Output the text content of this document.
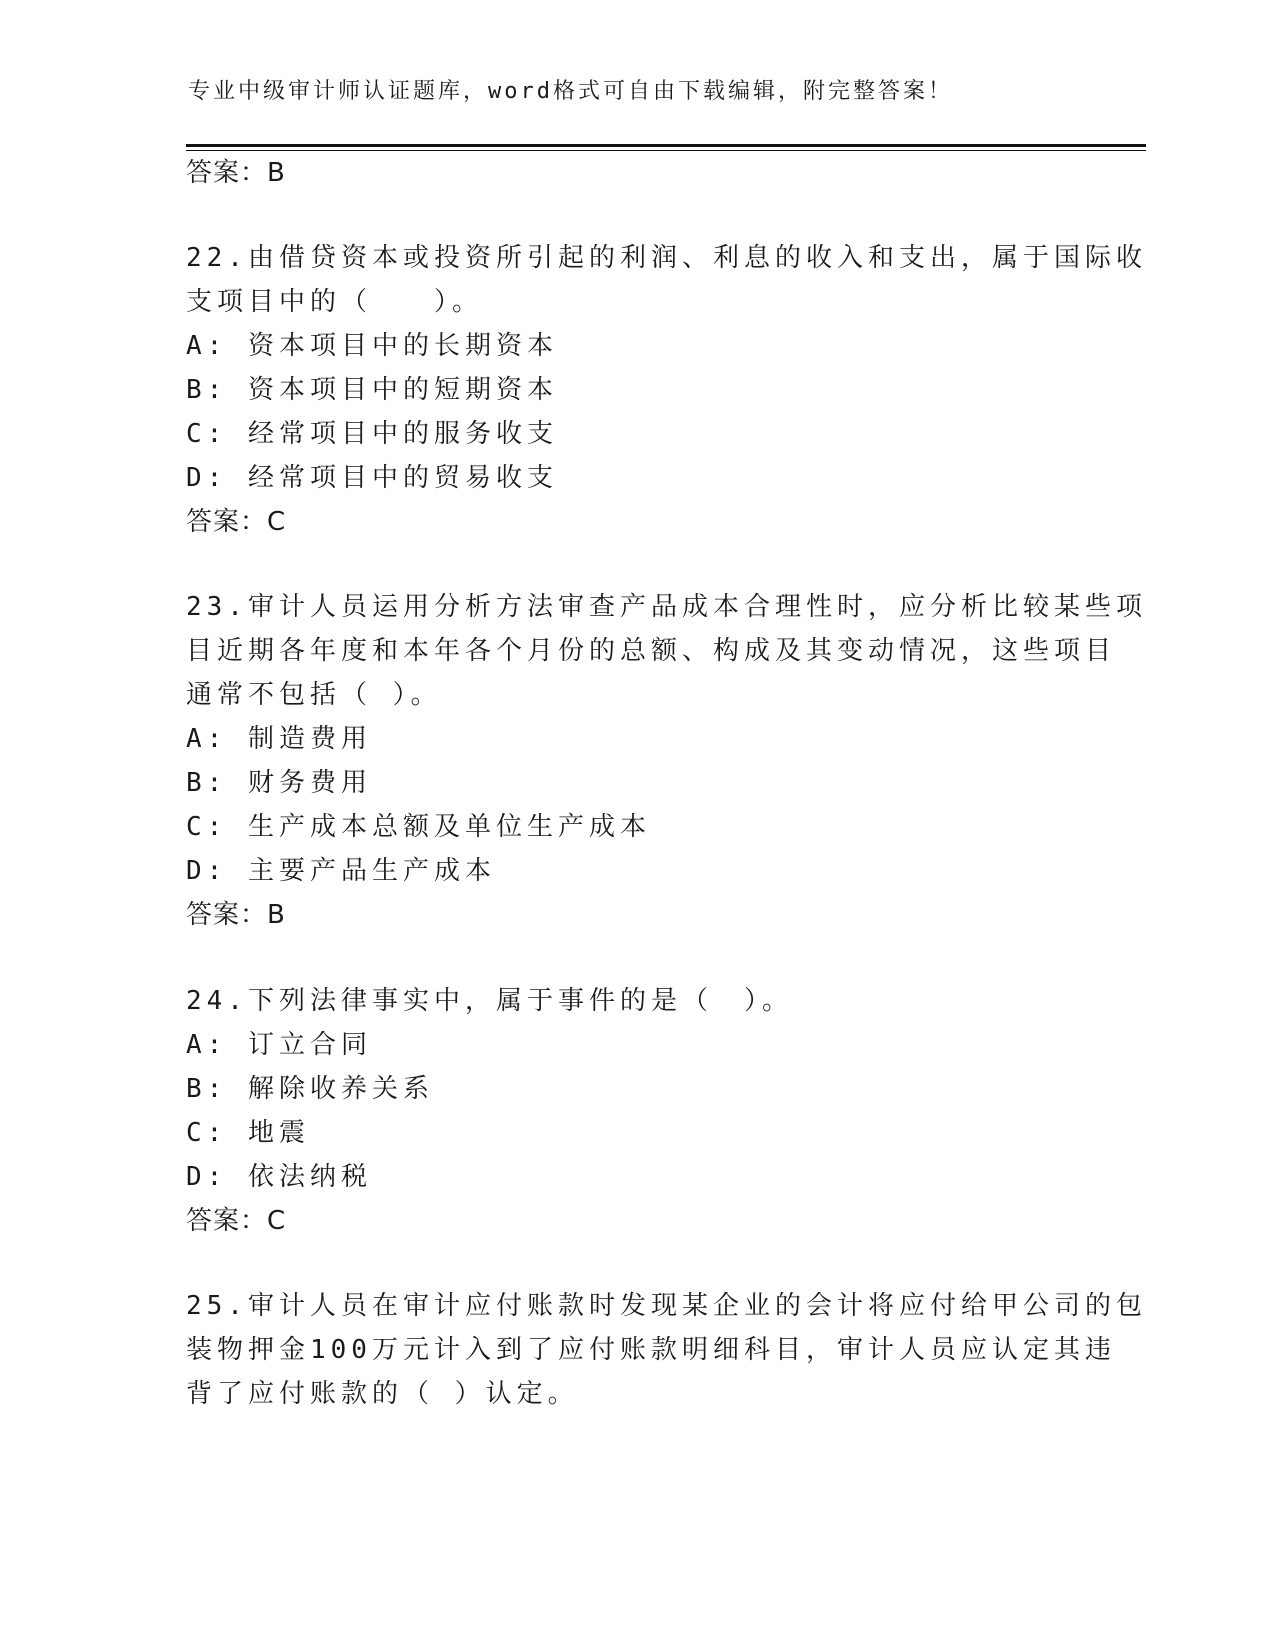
专业中级审计师认证题库，word格式可自由下载编辑，附完整答案！
答案：B
22.由借贷资本或投资所引起的利润、利息的收入和支出，属于国际收
支项目中的（　　）。
A: 资本项目中的长期资本
B: 资本项目中的短期资本
C: 经常项目中的服务收支
D: 经常项目中的贸易收支
答案：C
23.审计人员运用分析方法审查产品成本合理性时，应分析比较某些项
目近期各年度和本年各个月份的总额、构成及其变动情况，这些项目
通常不包括（ ）。
A: 制造费用
B: 财务费用
C: 生产成本总额及单位生产成本
D: 主要产品生产成本
答案：B
24.下列法律事实中，属于事件的是（　）。
A: 订立合同
B: 解除收养关系
C: 地震
D: 依法纳税
答案：C
25.审计人员在审计应付账款时发现某企业的会计将应付给甲公司的包
装物押金100万元计入到了应付账款明细科目，审计人员应认定其违
背了应付账款的（ ）认定。
